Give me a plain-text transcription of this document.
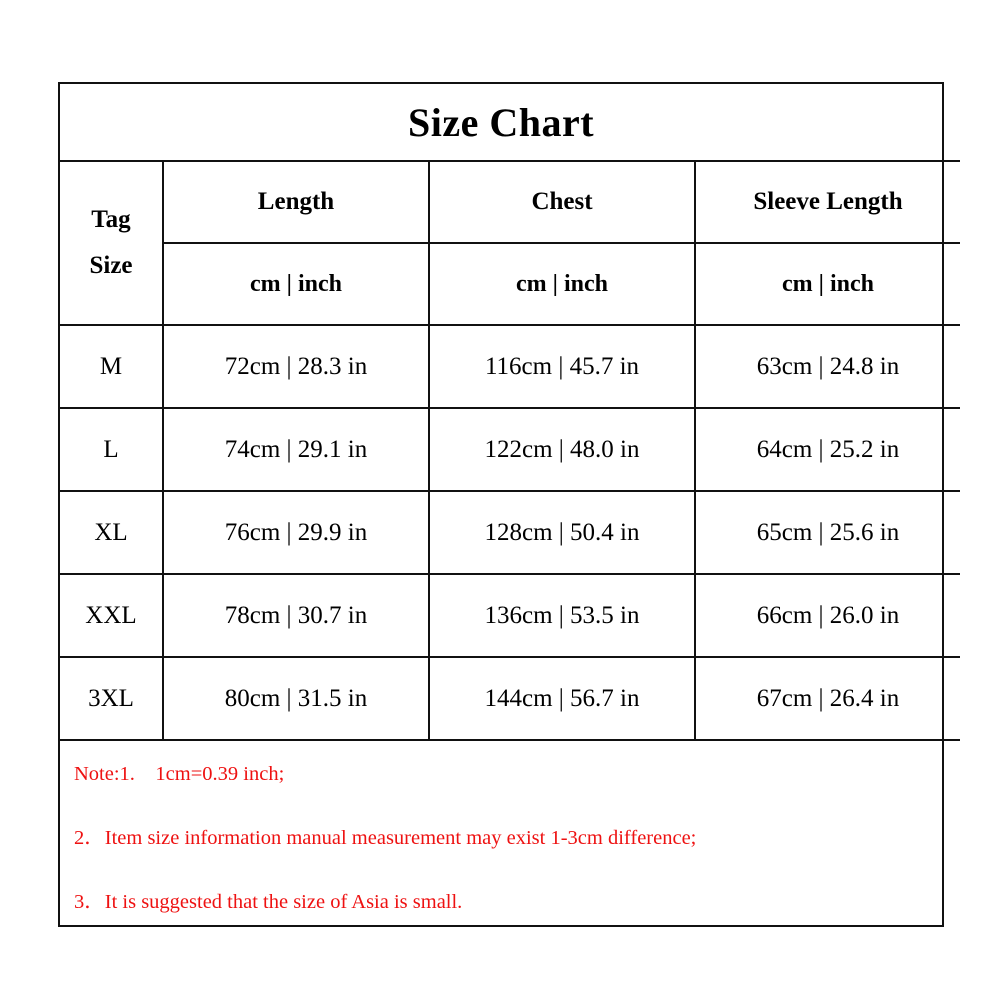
Size Chart
Tag
Size	Length	Chest	Sleeve Length
	cm | inch	cm | inch	cm | inch
M	72cm | 28.3 in	116cm | 45.7 in	63cm | 24.8 in
L	74cm | 29.1 in	122cm | 48.0 in	64cm | 25.2 in
XL	76cm | 29.9 in	128cm | 50.4 in	65cm | 25.6 in
XXL	78cm | 30.7 in	136cm | 53.5 in	66cm | 26.0 in
3XL	80cm | 31.5 in	144cm | 56.7 in	67cm | 26.4 in

Note:1.    1cm=0.39 inch;

2．Item size information manual measurement may exist 1-3cm difference;

3．It is suggested that the size of Asia is small.
